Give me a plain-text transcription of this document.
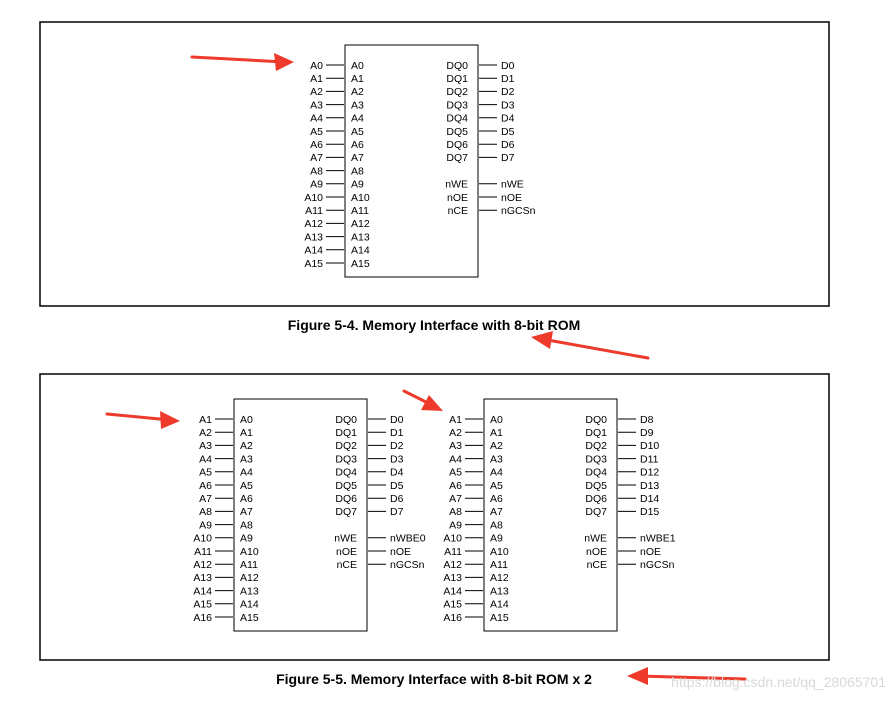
A0	A0
A1	A1
A2	A2
A3	A3
A4	A4
A5	A5
A6	A6
A7	A7
A8	A8
A9	A9
A10	A10
A11	A11
A12	A12
A13	A13
A14	A14
A15	A15
DQ0	D0
DQ1	D1
DQ2	D2
DQ3	D3
DQ4	D4
DQ5	D5
DQ6	D6
DQ7	D7
nWE	nWE
nOE	nOE
nCE	nGCSn
Figure 5-4. Memory Interface with 8-bit ROM
A1	A0
A2	A1
A3	A2
A4	A3
A5	A4
A6	A5
A7	A6
A8	A7
A9	A8
A10	A9
A11	A10
A12	A11
A13	A12
A14	A13
A15	A14
A16	A15
DQ0	D0
DQ1	D1
DQ2	D2
DQ3	D3
DQ4	D4
DQ5	D5
DQ6	D6
DQ7	D7
nWE	nWBE0
nOE	nOE
nCE	nGCSn
A1	A0
A2	A1
A3	A2
A4	A3
A5	A4
A6	A5
A7	A6
A8	A7
A9	A8
A10	A9
A11	A10
A12	A11
A13	A12
A14	A13
A15	A14
A16	A15
DQ0	D8
DQ1	D9
DQ2	D10
DQ3	D11
DQ4	D12
DQ5	D13
DQ6	D14
DQ7	D15
nWE	nWBE1
nOE	nOE
nCE	nGCSn
Figure 5-5. Memory Interface with 8-bit ROM x 2	https://blog.csdn.net/qq_28065701
